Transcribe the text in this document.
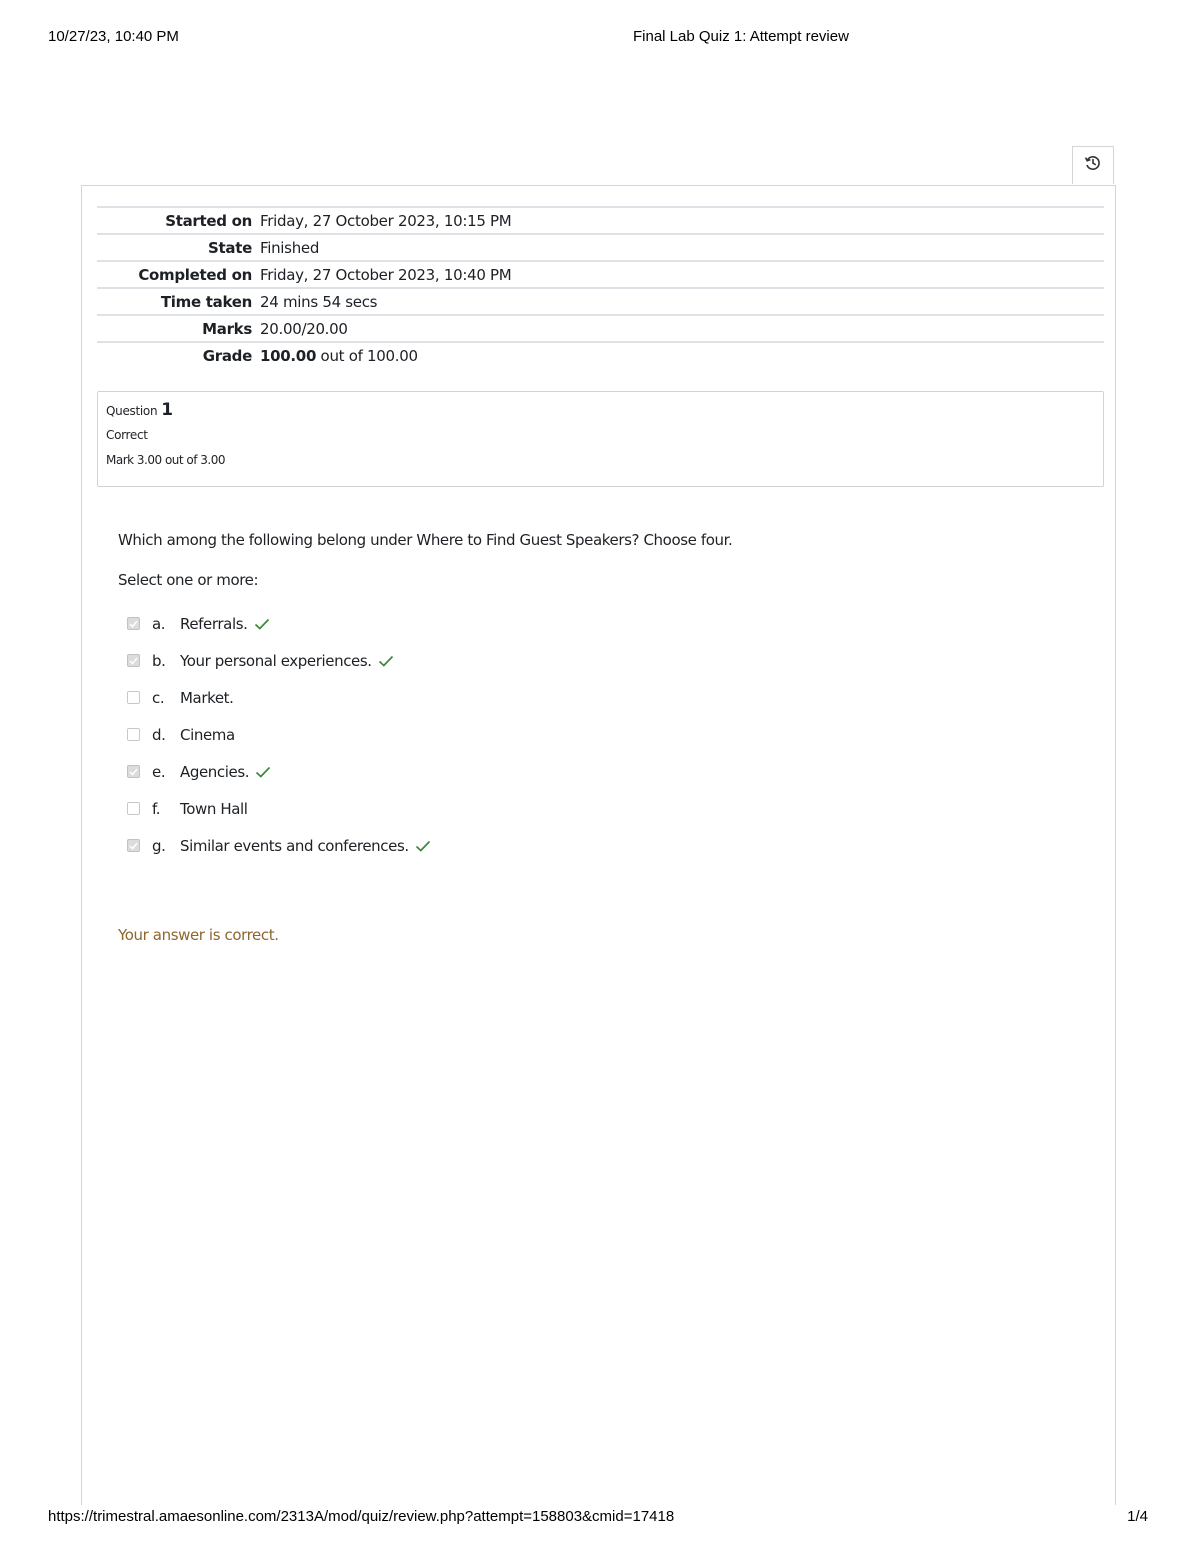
10/27/23, 10:40 PM	Final Lab Quiz 1: Attempt review
Started on	Friday, 27 October 2023, 10:15 PM
State	Finished
Completed on	Friday, 27 October 2023, 10:40 PM
Time taken	24 mins 54 secs
Marks	20.00/20.00
Grade	100.00 out of 100.00
Question 1
Correct
Mark 3.00 out of 3.00

Which among the following belong under Where to Find Guest Speakers? Choose four.

Select one or more:

a. Referrals.
b. Your personal experiences.
c.	Market.
d. Cinema
e. Agencies.
f.	Town Hall
g. Similar events and conferences.
Your answer is correct.
https://trimestral.amaesonline.com/2313A/mod/quiz/review.php?attempt=158803&cmid=17418	1/4
